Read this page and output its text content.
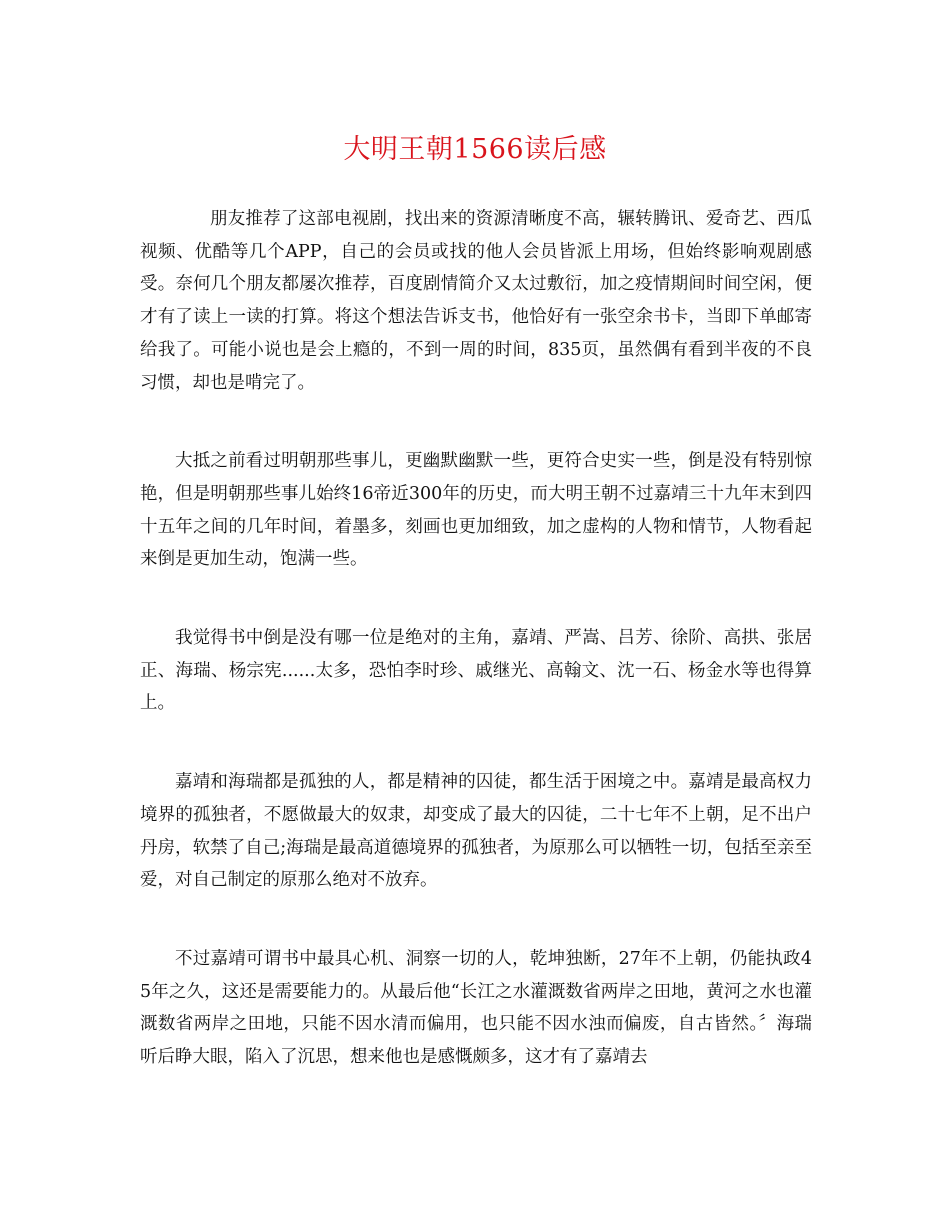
大明王朝1566读后感

朋友推荐了这部电视剧，找出来的资源清晰度不高，辗转腾讯、爱奇艺、西瓜视频、优酷等几个APP，自己的会员或找的他人会员皆派上用场，但始终影响观剧感受。奈何几个朋友都屡次推荐，百度剧情简介又太过敷衍，加之疫情期间时间空闲，便才有了读上一读的打算。将这个想法告诉支书，他恰好有一张空余书卡，当即下单邮寄给我了。可能小说也是会上瘾的，不到一周的时间，835页，虽然偶有看到半夜的不良习惯，却也是啃完了。

大抵之前看过明朝那些事儿，更幽默幽默一些，更符合史实一些，倒是没有特别惊艳，但是明朝那些事儿始终16帝近300年的历史，而大明王朝不过嘉靖三十九年末到四十五年之间的几年时间，着墨多，刻画也更加细致，加之虚构的人物和情节，人物看起来倒是更加生动，饱满一些。

我觉得书中倒是没有哪一位是绝对的主角，嘉靖、严嵩、吕芳、徐阶、高拱、张居正、海瑞、杨宗宪......太多，恐怕李时珍、戚继光、高翰文、沈一石、杨金水等也得算上。

嘉靖和海瑞都是孤独的人，都是精神的囚徒，都生活于困境之中。嘉靖是最高权力境界的孤独者，不愿做最大的奴隶，却变成了最大的囚徒，二十七年不上朝，足不出户丹房，软禁了自己;海瑞是最高道德境界的孤独者，为原那么可以牺牲一切，包括至亲至爱，对自己制定的原那么绝对不放弃。

不过嘉靖可谓书中最具心机、洞察一切的人，乾坤独断，27年不上朝，仍能执政45年之久，这还是需要能力的。从最后他“长江之水灌溉数省两岸之田地，黄河之水也灌溉数省两岸之田地，只能不因水清而偏用，也只能不因水浊而偏废，自古皆然。〞海瑞听后睁大眼，陷入了沉思，想来他也是感慨颇多，这才有了嘉靖去
